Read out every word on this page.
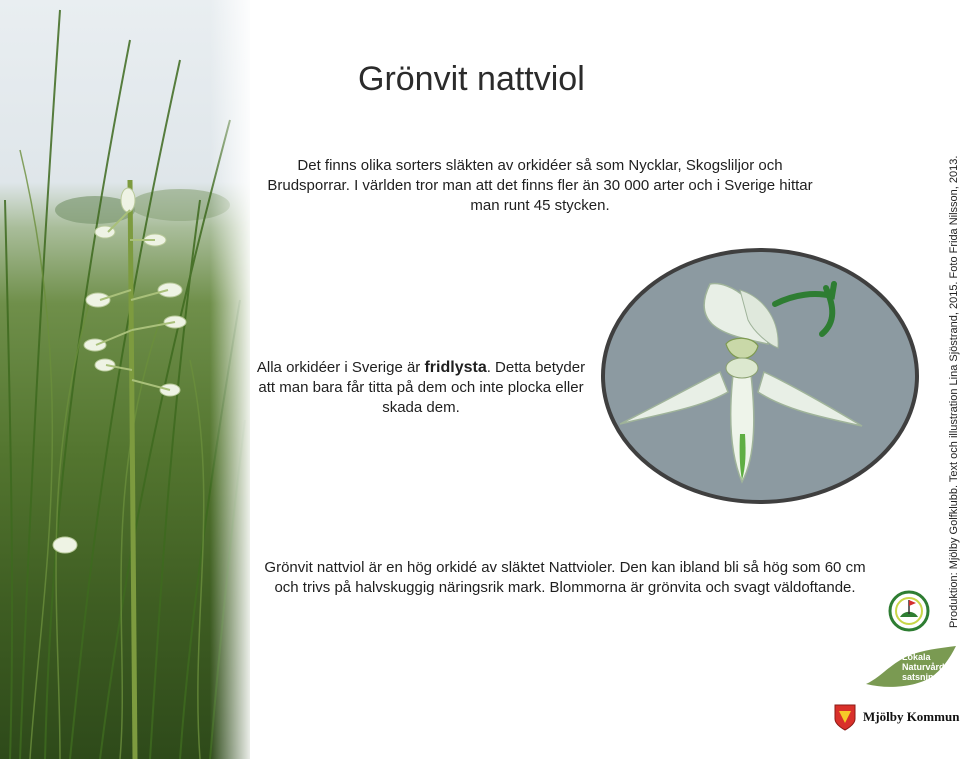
Grönvit nattviol

Det finns olika sorters släkten av orkidéer så som Nycklar, Skogsliljor och Brudsporrar. I världen tror man att det finns fler än 30 000 arter och i Sverige hittar man runt 45 stycken.

Alla orkidéer i Sverige är fridlysta. Detta betyder att man bara får titta på dem och inte plocka eller skada dem.

Grönvit nattviol är en hög orkidé av släktet Nattvioler. Den kan ibland bli så hög som 60 cm och trivs på halvskuggig näringsrik mark. Blommorna är grönvita och svagt väldoftande.	Produktion: Mjölby Golfklubb. Text och illustration Lina Sjöstrand, 2015. Foto Frida Nilsson, 2013.
Lokala
Naturvårds
satsningen
Mjölby Kommun
